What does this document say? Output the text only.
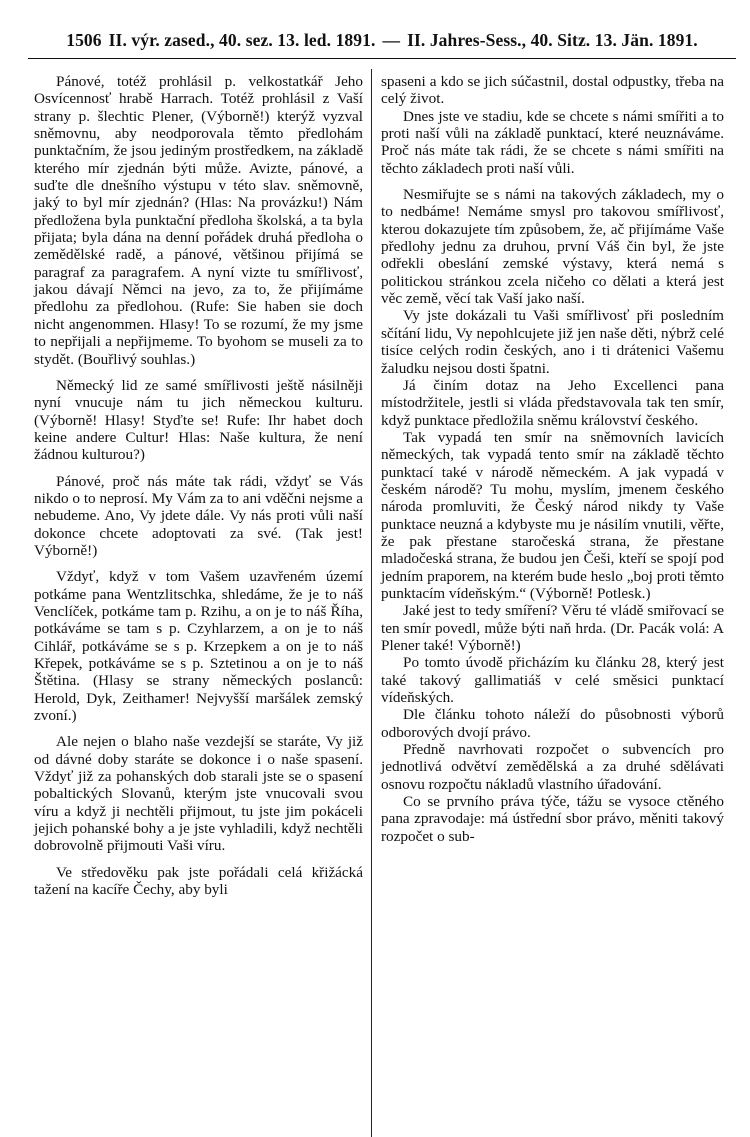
1506 II. výr. zased., 40. sez. 13. led. 1891. — II. Jahres-Sess., 40. Sitz. 13. Jän. 1891.

Pánové, totéž prohlásil p. velkostatkář Jeho Osvícennosť hrabě Harrach. Totéž prohlásil z Vaší strany p. šlechtic Plener, (Výborně!) kterýž vyzval sněmovnu, aby neodporovala těmto předlohám punktačním, že jsou jediným prostředkem, na základě kterého mír zjednán býti může. Avizte, pánové, a suďte dle dnešního výstupu v této slav. sněmovně, jaký to byl mír zjednán? (Hlas: Na provázku!) Nám předložena byla punktační předloha školská, a ta byla přijata; byla dána na denní pořádek druhá předloha o zemědělské radě, a pánové, většinou přijímá se paragraf za paragrafem. A nyní vizte tu smířlivosť, jakou dávají Němci na jevo, za to, že přijímáme předlohu za předlohou. (Rufe: Sie haben sie doch nicht angenommen. Hlasy! To se rozumí, že my jsme to nepřijali a nepřijmeme. To byohom se museli za to stydět. (Bouřlivý souhlas.)

Německý lid ze samé smířlivosti ještě násilněji nyní vnucuje nám tu jich německou kulturu. (Výborně! Hlasy! Styďte se! Rufe: Ihr habet doch keine andere Cultur! Hlas: Naše kultura, že není žádnou kulturou?)

Pánové, proč nás máte tak rádi, vždyť se Vás nikdo o to neprosí. My Vám za to ani vděčni nejsme a nebudeme. Ano, Vy jdete dále. Vy nás proti vůli naší dokonce chcete adoptovati za své. (Tak jest! Výborně!)

Vždyť, když v tom Vašem uzavřeném území potkáme pana Wentzlitschka, shledáme, že je to náš Venclíček, potkáme tam p. Rzihu, a on je to náš Říha, potkáváme se tam s p. Czyhlarzem, a on je to náš Cihlář, potkáváme se s p. Krzepkem a on je to náš Křepek, potkáváme se s p. Sztetinou a on je to náš Štětina. (Hlasy se strany německých poslanců: Herold, Dyk, Zeithamer! Nejvyšší maršálek zemský zvoní.)

Ale nejen o blaho naše vezdejší se staráte, Vy již od dávné doby staráte se dokonce i o naše spasení. Vždyť již za pohanských dob starali jste se o spasení pobaltických Slovanů, kterým jste vnucovali svou víru a když ji nechtěli přijmout, tu jste jim pokáceli jejich pohanské bohy a je jste vyhladili, když nechtěli dobrovolně přijmouti Vaši víru.

Ve středověku pak jste pořádali celá křižácká tažení na kacíře Čechy, aby byli

spaseni a kdo se jich súčastnil, dostal odpustky, třeba na celý život.

Dnes jste ve stadiu, kde se chcete s námi smířiti a to proti naší vůli na základě punktací, které neuznáváme. Proč nás máte tak rádi, že se chcete s námi smířiti na těchto základech proti naší vůli.

Nesmiřujte se s námi na takových základech, my o to nedbáme! Nemáme smysl pro takovou smířlivosť, kterou dokazujete tím způsobem, že, ač přijímáme Vaše předlohy jednu za druhou, první Váš čin byl, že jste odřekli obeslání zemské výstavy, která nemá s politickou stránkou zcela ničeho co dělati a která jest věc země, věcí tak Vaší jako naší.

Vy jste dokázali tu Vaši smířlivosť při posledním sčítání lidu, Vy nepohlcujete již jen naše děti, nýbrž celé tisíce celých rodin českých, ano i ti drátenici Vašemu žaludku nejsou dosti špatni.

Já činím dotaz na Jeho Excellenci pana místodržitele, jestli si vláda představovala tak ten smír, když punktace předložila sněmu království českého.

Tak vypadá ten smír na sněmovních lavicích německých, tak vypadá tento smír na základě těchto punktací také v národě německém. A jak vypadá v českém národě? Tu mohu, myslím, jmenem českého národa promluviti, že Český národ nikdy ty Vaše punktace neuzná a kdybyste mu je násilím vnutili, věřte, že pak přestane staročeská strana, že přestane mladočeská strana, že budou jen Češi, kteří se spojí pod jedním praporem, na kterém bude heslo „boj proti těmto punktacím vídeňským.“ (Výborně! Potlesk.)

Jaké jest to tedy smíření? Věru té vládě smiřovací se ten smír povedl, může býti naň hrda. (Dr. Pacák volá: A Plener také! Výborně!)

Po tomto úvodě přicházím ku článku 28, který jest také takový gallimatiáš v celé směsici punktací vídeňských.

Dle článku tohoto náleží do působnosti výborů odborových dvojí právo.

Předně navrhovati rozpočet o subvencích pro jednotlivá odvětví zemědělská a za druhé sdělávati osnovu rozpočtu nákladů vlastního úřadování.

Co se prvního práva týče, tážu se vysoce ctěného pana zpravodaje: má ústřední sbor právo, měniti takový rozpočet o sub-
